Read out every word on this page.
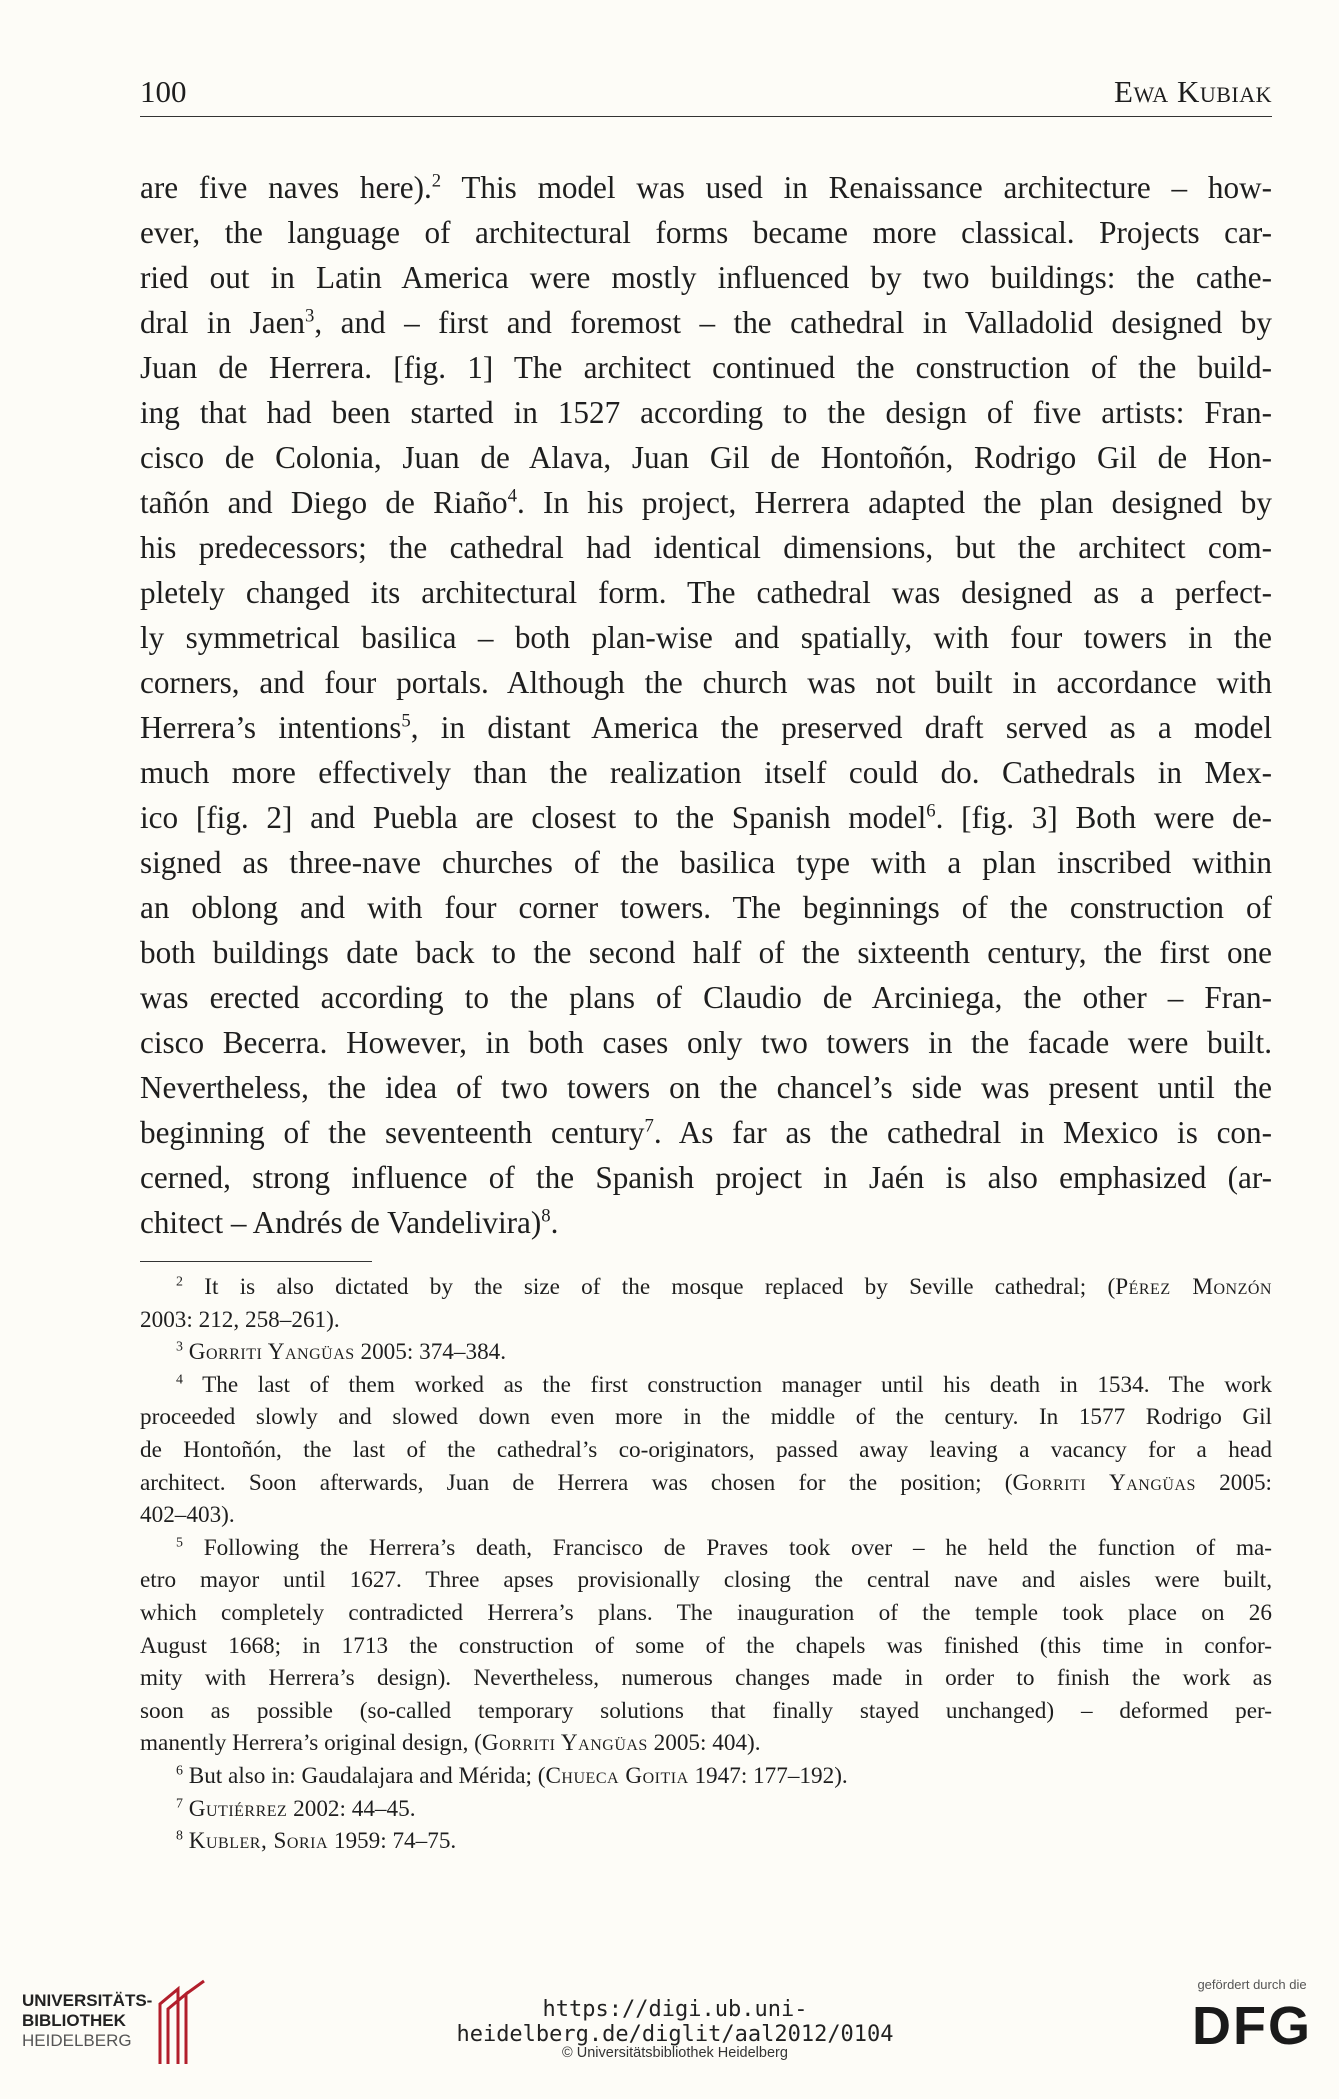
100	Ewa Kubiak
are five naves here).$^2$ This model was used in Renaissance architecture – how-
ever, the language of architectural forms became more classical. Projects car-
ried out in Latin America were mostly influenced by two buildings: the cathe-
dral in Jaen$^3$, and – first and foremost – the cathedral in Valladolid designed by
Juan de Herrera. [fig. 1] The architect continued the construction of the build-
ing that had been started in 1527 according to the design of five artists: Fran-
cisco de Colonia, Juan de Alava, Juan Gil de Hontoñón, Rodrigo Gil de Hon-
tañón and Diego de Riaño$^4$. In his project, Herrera adapted the plan designed by
his predecessors; the cathedral had identical dimensions, but the architect com-
pletely changed its architectural form. The cathedral was designed as a perfect-
ly symmetrical basilica – both plan-wise and spatially, with four towers in the
corners, and four portals. Although the church was not built in accordance with
Herrera’s intentions$^5$, in distant America the preserved draft served as a model
much more effectively than the realization itself could do. Cathedrals in Mex-
ico [fig. 2] and Puebla are closest to the Spanish model$^6$. [fig. 3] Both were de-
signed as three-nave churches of the basilica type with a plan inscribed within
an oblong and with four corner towers. The beginnings of the construction of
both buildings date back to the second half of the sixteenth century, the first one
was erected according to the plans of Claudio de Arciniega, the other – Fran-
cisco Becerra. However, in both cases only two towers in the facade were built.
Nevertheless, the idea of two towers on the chancel’s side was present until the
beginning of the seventeenth century$^7$. As far as the cathedral in Mexico is con-
cerned, strong influence of the Spanish project in Jaén is also emphasized (ar-
chitect – Andrés de Vandelivira)$^8$.
$^2$ It is also dictated by the size of the mosque replaced by Seville cathedral; (Pérez Monzón
2003: 212, 258–261).
$^3$ Gorriti Yangüas 2005: 374–384.
$^4$ The last of them worked as the first construction manager until his death in 1534. The work
proceeded slowly and slowed down even more in the middle of the century. In 1577 Rodrigo Gil
de Hontoñón, the last of the cathedral’s co-originators, passed away leaving a vacancy for a head
architect. Soon afterwards, Juan de Herrera was chosen for the position; (Gorriti Yangüas 2005:
402–403).
$^5$ Following the Herrera’s death, Francisco de Praves took over – he held the function of ma-
etro mayor until 1627. Three apses provisionally closing the central nave and aisles were built,
which completely contradicted Herrera’s plans. The inauguration of the temple took place on 26
August 1668; in 1713 the construction of some of the chapels was finished (this time in confor-
mity with Herrera’s design). Nevertheless, numerous changes made in order to finish the work as
soon as possible (so-called temporary solutions that finally stayed unchanged) – deformed per-
manently Herrera’s original design, (Gorriti Yangüas 2005: 404).
$^6$ But also in: Gaudalajara and Mérida; (Chueca Goitia 1947: 177–192).
$^7$ Gutiérrez 2002: 44–45.
$^8$ Kubler, Soria 1959: 74–75.
UNIVERSITÄTS-
BIBLIOTHEK
HEIDELBERG
https://digi.ub.uni-heidelberg.de/diglit/aal2012/0104
© Universitätsbibliothek Heidelberg
gefördert durch die
DFG
